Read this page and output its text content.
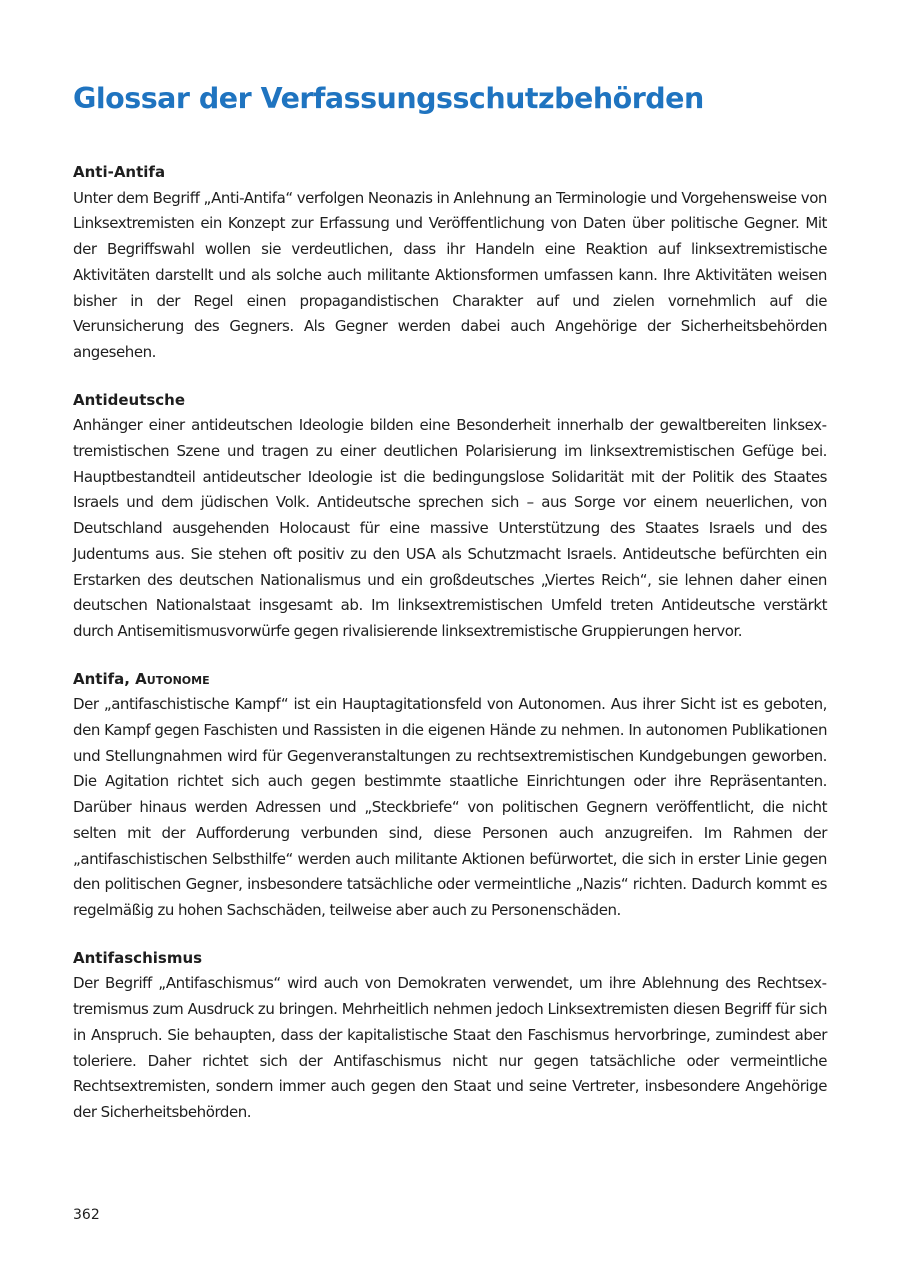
Glossar der Verfassungsschutzbehörden
Anti-Antifa

Unter dem Begriff „Anti-Antifa“ verfolgen Neonazis in Anlehnung an Terminologie und Vorgehensweise von Linksextremisten ein Konzept zur Erfassung und Veröffentlichung von Daten über politische Gegner. Mit der Begriffswahl wollen sie verdeutlichen, dass ihr Handeln eine Reaktion auf linksextremistische Aktivitäten darstellt und als solche auch militante Aktionsformen umfassen kann. Ihre Aktivitäten weisen bisher in der Regel einen propagandistischen Charakter auf und zielen vornehmlich auf die Verunsicherung des Gegners. Als Gegner werden dabei auch Angehörige der Sicherheitsbehörden angesehen.

Antideutsche

Anhänger einer antideutschen Ideologie bilden eine Besonderheit innerhalb der gewaltbereiten linksextremistischen Szene und tragen zu einer deutlichen Polarisierung im linksextremistischen Gefüge bei. Hauptbestandteil antideutscher Ideologie ist die bedingungslose Solidarität mit der Politik des Staates Israels und dem jüdischen Volk. Antideutsche sprechen sich – aus Sorge vor einem neuerlichen, von Deutschland ausgehenden Holocaust für eine massive Unterstützung des Staates Israels und des Judentums aus. Sie stehen oft positiv zu den USA als Schutzmacht Israels. Antideutsche befürchten ein Erstarken des deutschen Nationalismus und ein großdeutsches „Viertes Reich“, sie lehnen daher einen deutschen Nationalstaat insgesamt ab. Im linksextremistischen Umfeld treten Antideutsche verstärkt durch Antisemitismusvorwürfe gegen rivalisierende linksextremistische Gruppierungen hervor.

Antifa, Autonome

Der „antifaschistische Kampf“ ist ein Hauptagitationsfeld von Autonomen. Aus ihrer Sicht ist es geboten, den Kampf gegen Faschisten und Rassisten in die eigenen Hände zu nehmen. In autonomen Publikationen und Stellungnahmen wird für Gegenveranstaltungen zu rechtsextremistischen Kundgebungen geworben. Die Agitation richtet sich auch gegen bestimmte staatliche Einrichtungen oder ihre Repräsentanten. Darüber hinaus werden Adressen und „Steckbriefe“ von politischen Gegnern veröffentlicht, die nicht selten mit der Aufforderung verbunden sind, diese Personen auch anzugreifen. Im Rahmen der „antifaschistischen Selbsthilfe“ werden auch militante Aktionen befürwortet, die sich in erster Linie gegen den politischen Gegner, insbesondere tatsächliche oder vermeintliche „Nazis“ richten. Dadurch kommt es regelmäßig zu hohen Sachschäden, teilweise aber auch zu Personenschäden.

Antifaschismus

Der Begriff „Antifaschismus“ wird auch von Demokraten verwendet, um ihre Ablehnung des Rechtsextremismus zum Ausdruck zu bringen. Mehrheitlich nehmen jedoch Linksextremisten diesen Begriff für sich in Anspruch. Sie behaupten, dass der kapitalistische Staat den Faschismus hervorbringe, zumindest aber toleriere. Daher richtet sich der Antifaschismus nicht nur gegen tatsächliche oder vermeintliche Rechtsextremisten, sondern immer auch gegen den Staat und seine Vertreter, insbesondere Angehörige der Sicherheitsbehörden.

362
